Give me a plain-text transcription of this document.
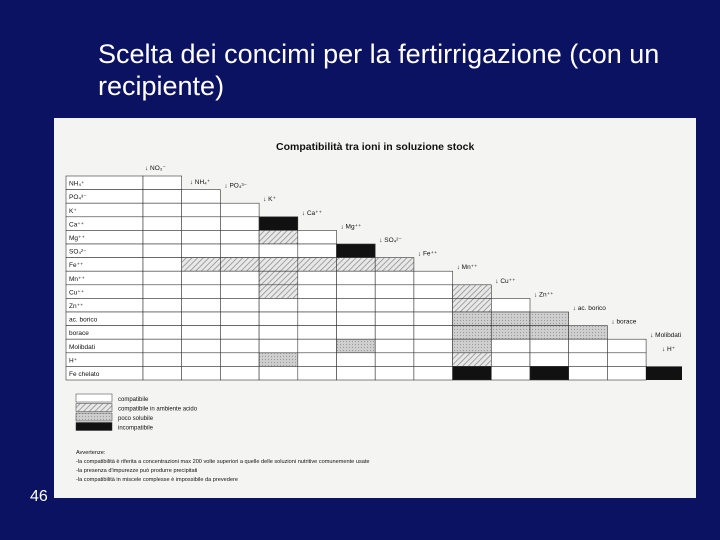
Scelta dei concimi per la fertirrigazione (con un recipiente)
↓ NO₃⁻
↓ NH₄⁺
NH₄⁺
PO₄³⁻
↓ PO₄³⁻
K⁺
↓ K⁺
Ca⁺⁺
↓ Ca⁺⁺
Mg⁺⁺
↓ Mg⁺⁺
SO₄²⁻
↓ SO₄²⁻
Fe⁺⁺
↓ Fe⁺⁺
Mn⁺⁺
↓ Mn⁺⁺
Cu⁺⁺
↓ Cu⁺⁺
Zn⁺⁺
↓ Zn⁺⁺
ac. borico
↓ ac. borico
borace
↓ borace
Molibdati
↓ Molibdati
H⁺
Fe chelato
↓ H⁺
compatibile
compatibile in ambiente acido
poco solubile
incompatibile
Avvertenze:
-la compatibilità è riferita a concentrazioni max 200 volte superiori a quelle delle soluzioni nutritive comunemente usate
-la presenza d'impurezze può produrre precipitati
-la compatibilità in miscele complesse è impossibile da prevedere
Compatibilità tra ioni in soluzione stock
46
